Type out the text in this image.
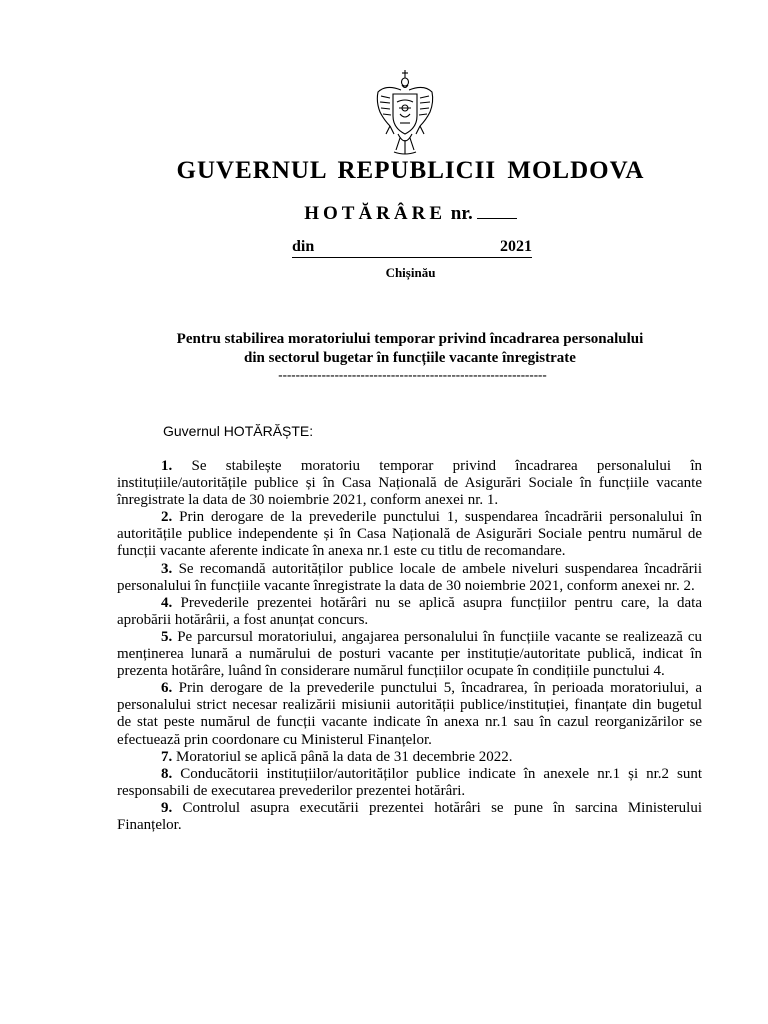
GUVERNUL REPUBLICII MOLDOVA
HOTĂRÂRE nr.
din	2021
Chișinău
Pentru stabilirea moratoriului temporar privind încadrarea personalului
din sectorul bugetar în funcțiile vacante înregistrate
--------------------------------------------------------------
Guvernul HOTĂRĂȘTE:

1. Se stabilește moratoriu temporar privind încadrarea personalului în instituțiile/autoritățile publice și în Casa Națională de Asigurări Sociale în funcțiile vacante înregistrate la data de 30 noiembrie 2021, conform anexei nr. 1.

2. Prin derogare de la prevederile punctului 1, suspendarea încadrării personalului în autoritățile publice independente și în Casa Națională de Asigurări Sociale pentru numărul de funcții vacante aferente indicate în anexa nr.1 este cu titlu de recomandare.

3. Se recomandă autorităților publice locale de ambele niveluri suspendarea încadrării personalului în funcțiile vacante înregistrate la data de 30 noiembrie 2021, conform anexei nr. 2.

4. Prevederile prezentei hotărâri nu se aplică asupra funcțiilor pentru care, la data aprobării hotărârii, a fost anunțat concurs.

5. Pe parcursul moratoriului, angajarea personalului în funcțiile vacante se realizează cu menținerea lunară a numărului de posturi vacante per instituție/autoritate publică, indicat în prezenta hotărâre, luând în considerare numărul funcțiilor ocupate în condițiile punctului 4.

6. Prin derogare de la prevederile punctului 5, încadrarea, în perioada moratoriului, a personalului strict necesar realizării misiunii autorității publice/instituției, finanțate din bugetul de stat peste numărul de funcții vacante indicate în anexa nr.1 sau în cazul reorganizărilor se efectuează prin coordonare cu Ministerul Finanțelor.

7. Moratoriul se aplică până la data de 31 decembrie 2022.

8. Conducătorii instituțiilor/autorităților publice indicate în anexele nr.1 și nr.2 sunt responsabili de executarea prevederilor prezentei hotărâri.

9. Controlul asupra executării prezentei hotărâri se pune în sarcina Ministerului Finanțelor.
